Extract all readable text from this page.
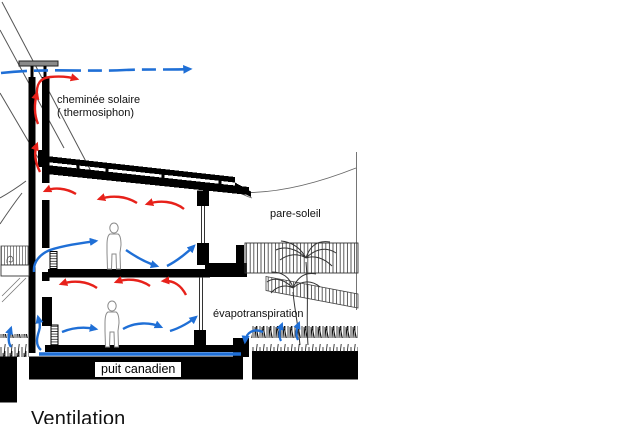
cheminée solaire
( thermosiphon)
pare-soleil
évapotranspiration
puit canadien
Ventilation
